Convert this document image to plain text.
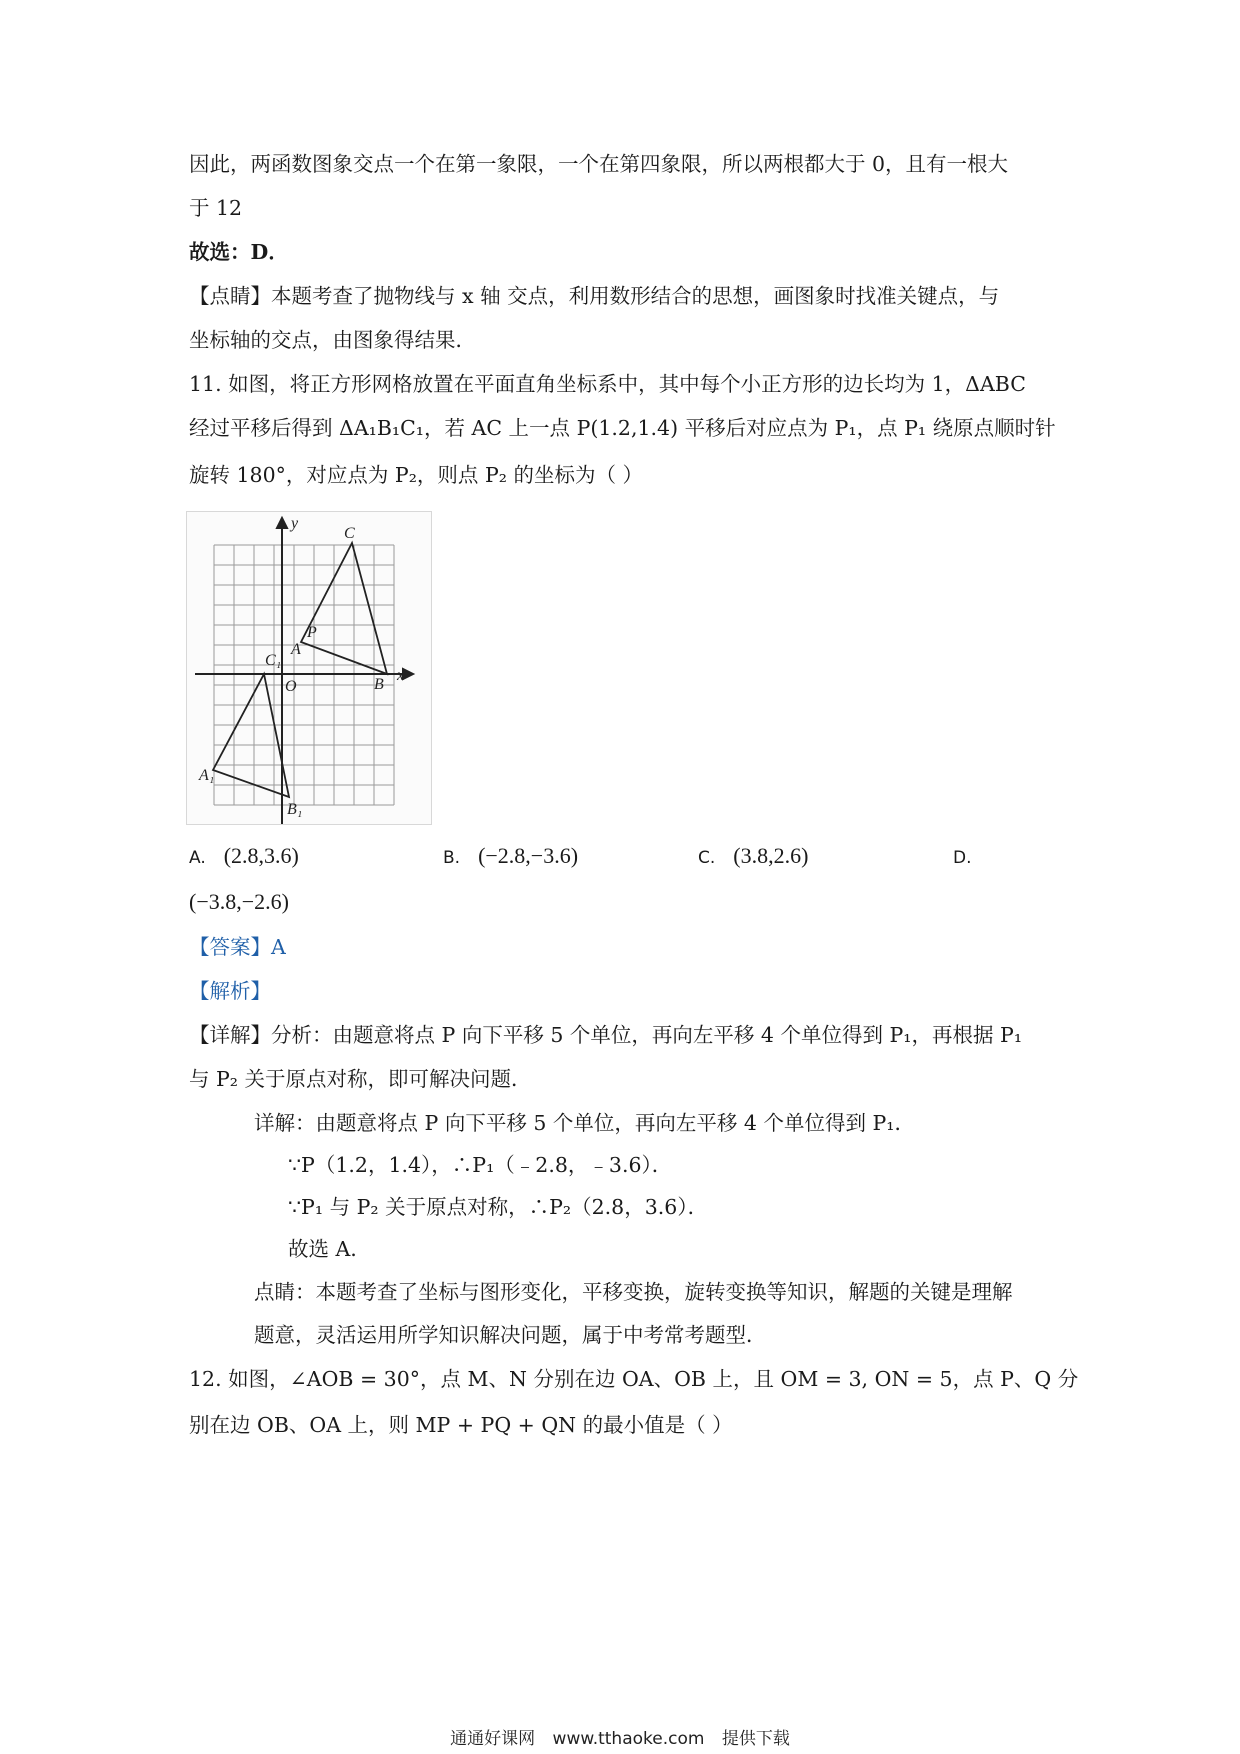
因此，两函数图象交点一个在第一象限，一个在第四象限，所以两根都大于 0，且有一根大
于 12
故选：D．
【点睛】本题考查了抛物线与 x 轴 交点，利用数形结合的思想，画图象时找准关键点，与
坐标轴的交点，由图象得结果．
11. 如图，将正方形网格放置在平面直角坐标系中，其中每个小正方形的边长均为 1，ΔABC
经过平移后得到 ΔA₁B₁C₁，若 AC 上一点 P(1.2,1.4) 平移后对应点为 P₁，点 P₁ 绕原点顺时针
旋转 180°，对应点为 P₂，则点 P₂ 的坐标为（ ）
y
x
O
A
P
C
B
C₁
A₁
B₁
A. (2.8,3.6)	B. (−2.8,−3.6)	C. (3.8,2.6)	D.
(−3.8,−2.6)
【答案】A
【解析】
【详解】分析：由题意将点 P 向下平移 5 个单位，再向左平移 4 个单位得到 P₁，再根据 P₁
与 P₂ 关于原点对称，即可解决问题．
详解：由题意将点 P 向下平移 5 个单位，再向左平移 4 个单位得到 P₁．
∵P（1.2，1.4），∴P₁（﹣2.8，﹣3.6）．
∵P₁ 与 P₂ 关于原点对称，∴P₂（2.8，3.6）．
故选 A．
点睛：本题考查了坐标与图形变化，平移变换，旋转变换等知识，解题的关键是理解
题意，灵活运用所学知识解决问题，属于中考常考题型．
12. 如图，∠AOB = 30°，点 M、N 分别在边 OA、OB 上，且 OM = 3, ON = 5，点 P、Q 分
别在边 OB、OA 上，则 MP + PQ + QN 的最小值是（ ）
通通好课网 www.tthaoke.com 提供下载
